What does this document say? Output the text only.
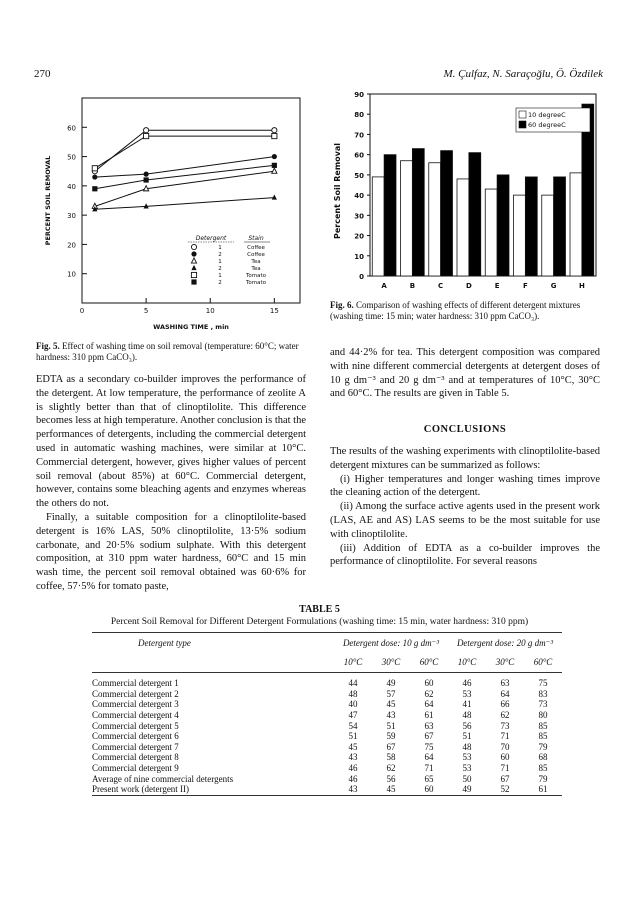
270	M. Çulfaz, N. Saraçoğlu, Ö. Özdilek
10
20
30
40
50
60
0	5	10	15
WASHING TIME , min
PERCENT SOIL REMOVAL	Detergent	Stain
1	Coffee
2	Coffee
1	Tea
2	Tea
1	Tomato
2	Tomato
Fig. 5. Effect of washing time on soil removal (temperature: 60°C; water hardness: 310 ppm CaCO₃).
0
10
20
30
40
50
60
70
80
90
Percent Soil Removal
A	B	C	D	E	F	G	H
10 degreeC
60 degreeC
Fig. 6. Comparison of washing effects of different detergent mixtures (washing time: 15 min; water hardness: 310 ppm CaCO₃).

EDTA as a secondary co-builder improves the performance of the detergent. At low temperature, the performance of zeolite A is slightly better than that of clinoptilolite. This difference becomes less at high temperature. Another conclusion is that the performances of detergents, including the commercial detergent used in automatic washing machines, were similar at 10°C. Commercial detergent, however, gives higher values of percent soil removal (about 85%) at 60°C. Commercial detergent, however, contains some bleaching agents and enzymes whereas the others do not.

Finally, a suitable composition for a clinoptilolite-based detergent is 16% LAS, 50% clinoptilolite, 13·5% sodium carbonate, and 20·5% sodium sulphate. With this detergent composition, at 310 ppm water hardness, 60°C and 15 min wash time, the percent soil removal obtained was 60·6% for coffee, 57·5% for tomato paste,

and 44·2% for tea. This detergent composition was compared with nine different commercial detergents at detergent doses of 10 g dm⁻³ and 20 g dm⁻³ and at temperatures of 10°C, 30°C and 60°C. The results are given in Table 5.

CONCLUSIONS

The results of the washing experiments with clinoptilolite-based detergent mixtures can be summarized as follows:

(i) Higher temperatures and longer washing times improve the cleaning action of the detergent.

(ii) Among the surface active agents used in the present work (LAS, AE and AS) LAS seems to be the most suitable for use with clinoptilolite.

(iii) Addition of EDTA as a co-builder improves the performance of clinoptilolite. For several reasons

TABLE 5
Percent Soil Removal for Different Detergent Formulations (washing time: 15 min, water hardness: 310 ppm)
Detergent type	Detergent dose: 10 g dm⁻³			Detergent dose: 20 g dm⁻³		
	10°C	30°C	60°C	10°C	30°C	60°C
Commercial detergent 1	44	49	60	46	63	75
Commercial detergent 2	48	57	62	53	64	83
Commercial detergent 3	40	45	64	41	66	73
Commercial detergent 4	47	43	61	48	62	80
Commercial detergent 5	54	51	63	56	73	85
Commercial detergent 6	51	59	67	51	71	85
Commercial detergent 7	45	67	75	48	70	79
Commercial detergent 8	43	58	64	53	60	68
Commercial detergent 9	46	62	71	53	71	85
Average of nine commercial detergents	46	56	65	50	67	79
Present work (detergent II)	43	45	60	49	52	61
